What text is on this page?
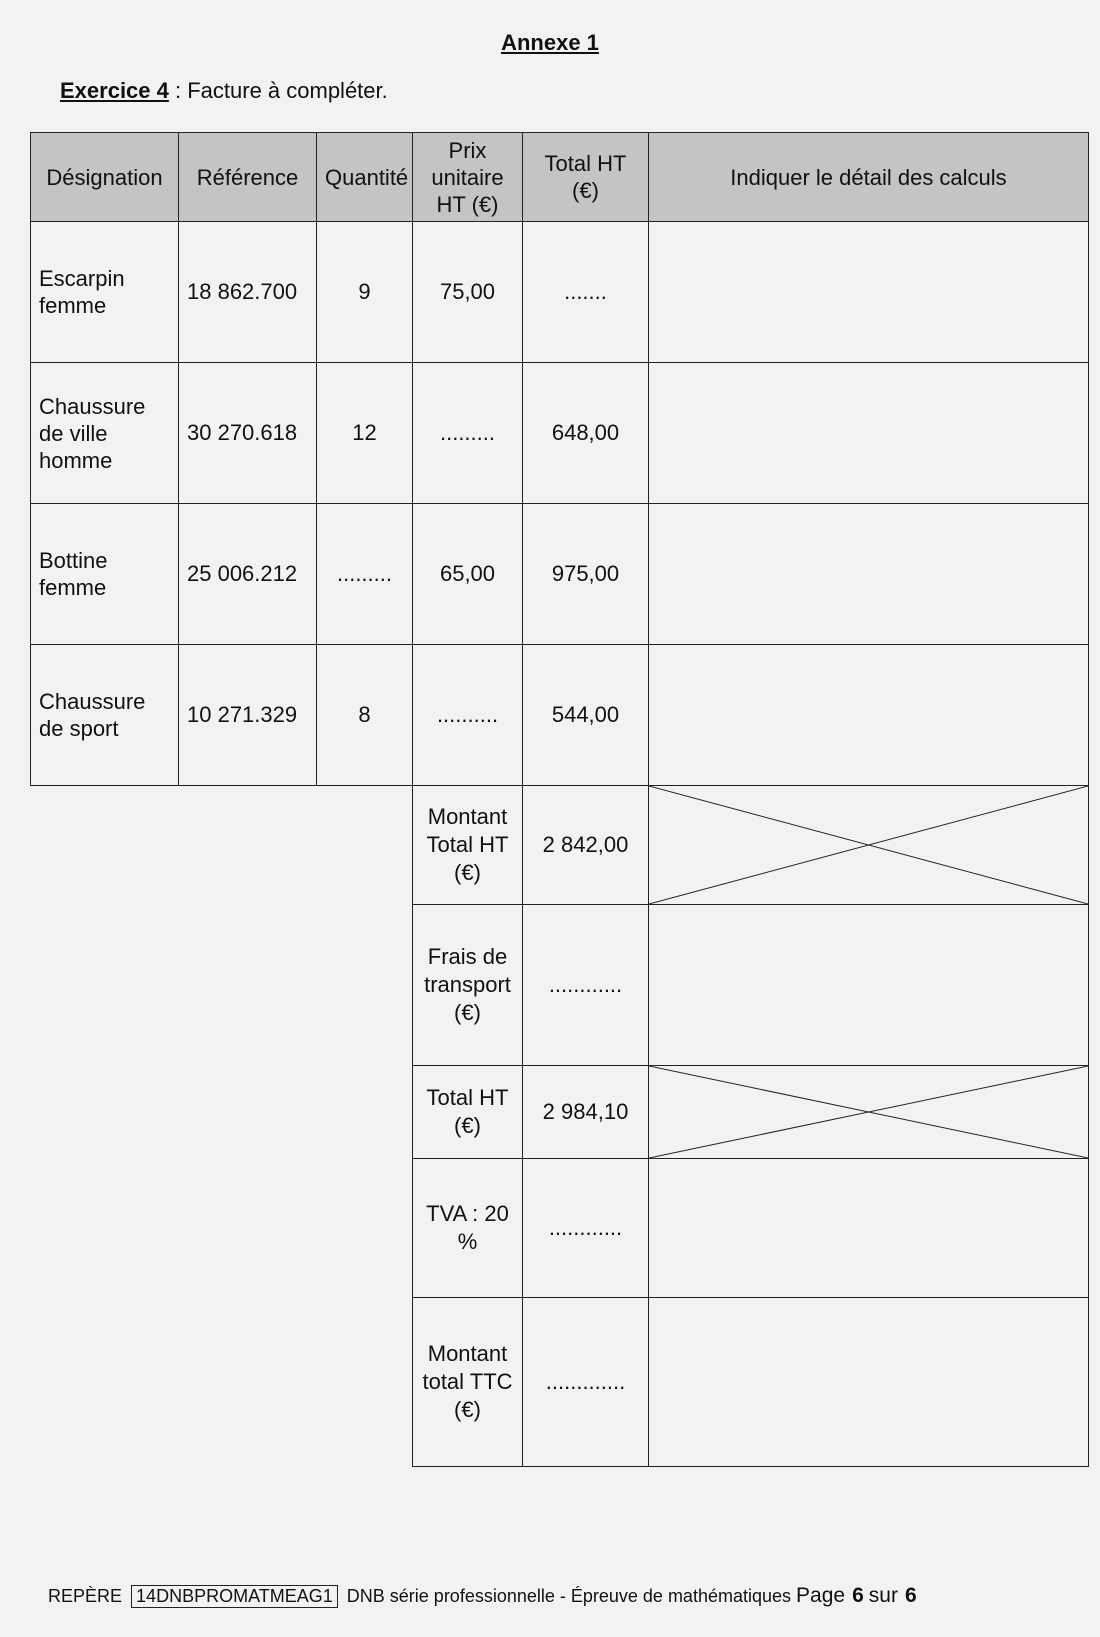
Annexe 1
Exercice 4 : Facture à compléter.
Désignation	Référence	Quantité	Prix unitaire HT (€)	Total HT (€)	Indiquer le détail des calculs
Escarpin femme	18 862.700	9	75,00	.......	
Chaussure de ville homme	30 270.618	12	.........	648,00	
Bottine femme	25 006.212	.........	65,00	975,00	
Chaussure de sport	10 271.329	8	..........	544,00	
			Montant Total HT (€)	2 842,00	
			Frais de transport (€)	............	
			Total HT (€)	2 984,10	
			TVA : 20 %	............	
			Montant total TTC (€)	.............	
REPÈRE 14DNBPROMATMEAG1 DNB série professionnelle - Épreuve de mathématiques Page 6 sur 6
